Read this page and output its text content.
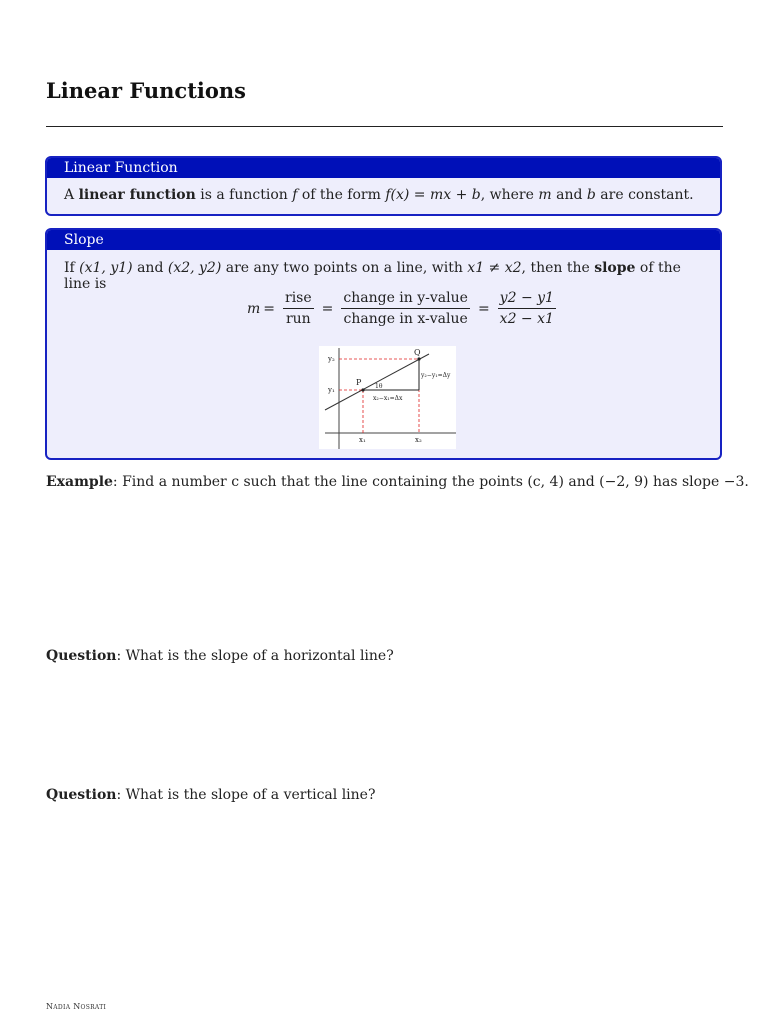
Linear Functions
Linear Function
A linear function is a function f of the form f(x) = mx + b, where m and b are constant.
Slope
If (x1, y1) and (x2, y2) are any two points on a line, with x1 ≠ x2, then the slope of the line is
$m = \frac{\text{rise}}{\text{run}} = \frac{\text{change in y-value}}{\text{change in x-value}} = \frac{y2 - y1}{x2 - x1}$
Q
P
y₂
y₁
x₁	x₂
1θ
x₂−x₁=Δx
y₂−y₁=Δy

Example: Find a number c such that the line containing the points (c, 4) and (−2, 9) has slope −3.

Question: What is the slope of a horizontal line?

Question: What is the slope of a vertical line?

Nadia Nosrati
